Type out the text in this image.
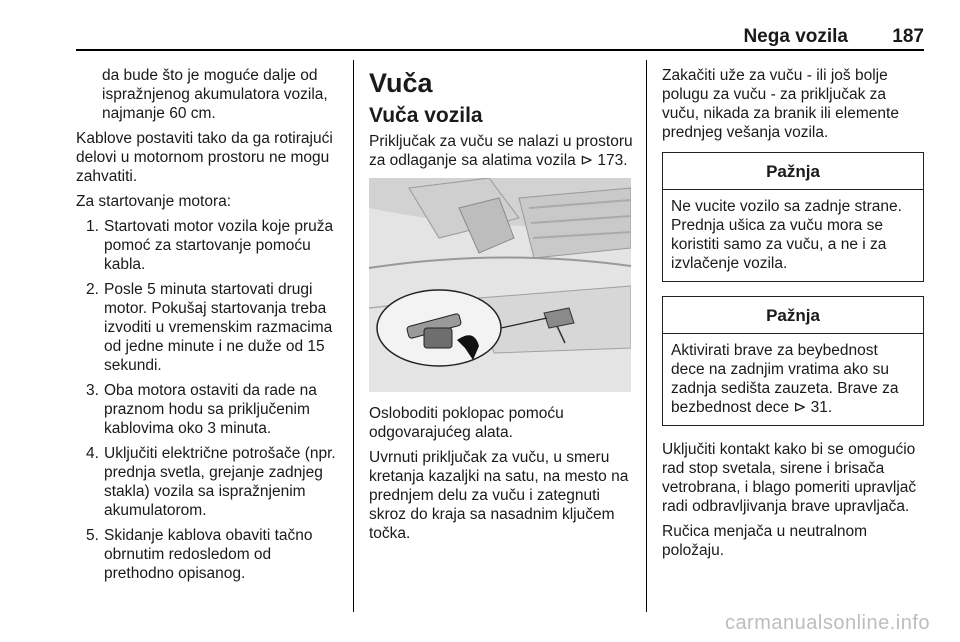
Nega vozila 187

da bude što je moguće dalje od ispražnjenog akumulatora vozila, najmanje 60 cm.

Kablove postaviti tako da ga rotirajući delovi u motornom prostoru ne mogu zahvatiti.

Za startovanje motora:

1. Startovati motor vozila koje pruža pomoć za startovanje pomoću kabla.
2. Posle 5 minuta startovati drugi motor. Pokušaj startovanja treba izvoditi u vremenskim razmacima od jedne minute i ne duže od 15 sekundi.
3. Oba motora ostaviti da rade na praznom hodu sa priključenim kablovima oko 3 minuta.
4. Uključiti električne potrošače (npr. prednja svetla, grejanje zadnjeg stakla) vozila sa ispražnjenim akumulatorom.
5. Skidanje kablova obaviti tačno obrnutim redosledom od prethodno opisanog.
Vuča
Vuča vozila

Priključak za vuču se nalazi u prostoru za odlaganje sa alatima vozila ⊳ 173.

Osloboditi poklopac pomoću odgovarajućeg alata.

Uvrnuti priključak za vuču, u smeru kretanja kazaljki na satu, na mesto na prednjem delu za vuču i zategnuti skroz do kraja sa nasadnim ključem točka.

Zakačiti uže za vuču - ili još bolje polugu za vuču - za priključak za vuču, nikada za branik ili elemente prednjeg vešanja vozila.

Pažnja
Ne vucite vozilo sa zadnje strane. Prednja ušica za vuču mora se koristiti samo za vuču, a ne i za izvlačenje vozila.
Pažnja
Aktivirati brave za beybednost dece na zadnjim vratima ako su zadnja sedišta zauzeta. Brave za bezbednost dece ⊳ 31.

Uključiti kontakt kako bi se omogućio rad stop svetala, sirene i brisača vetrobrana, i blago pomeriti upravljač radi odbravljivanja brave upravljača.

Ručica menjača u neutralnom položaju.

carmanualsonline.info
